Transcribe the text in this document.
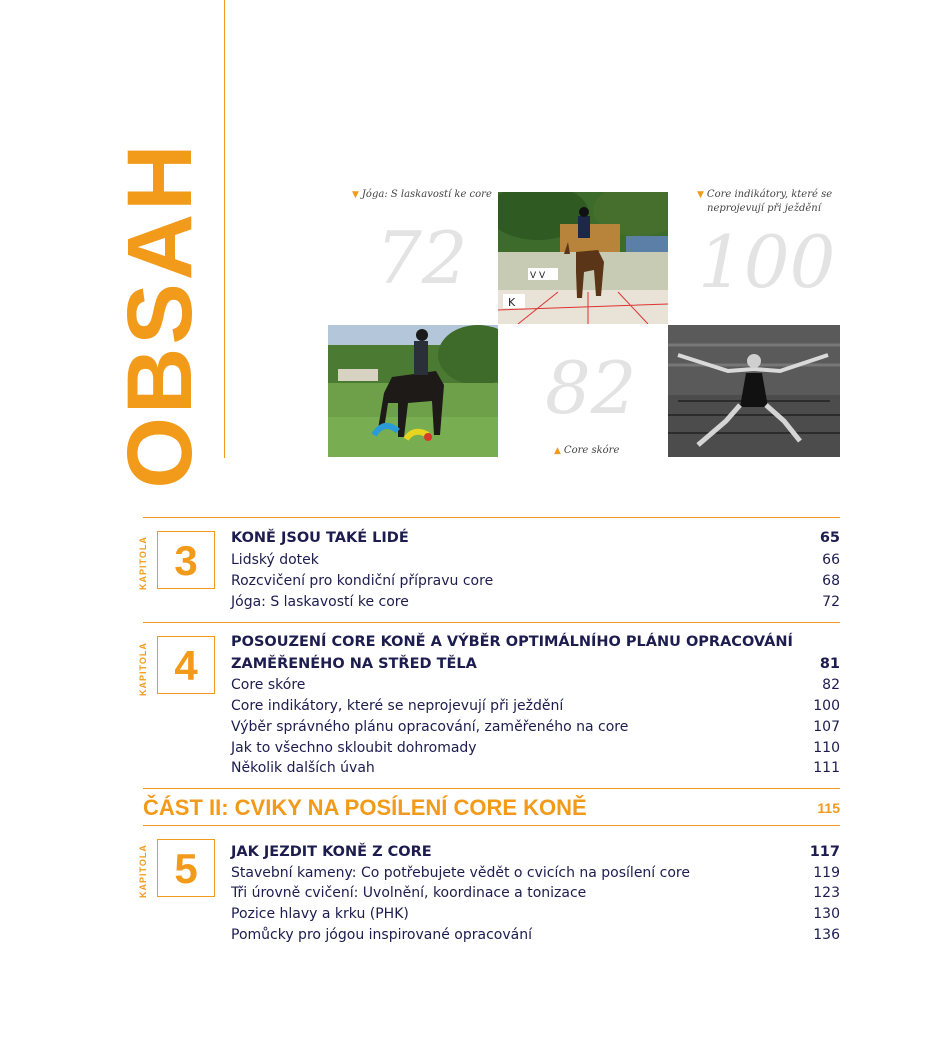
OBSAH	▼ Jóga: S laskavostí ke core
72	V V
K
▼ Core indikátory, které se
neprojevují při ježdění
100
82
▲ Core skóre
KAPITOLA 3	KONĚ JSOU TAKÉ LIDÉ	65
Lidský dotek	66
Rozcvičení pro kondiční přípravu core	68
Jóga: S laskavostí ke core	72
KAPITOLA 4	POSOUZENÍ CORE KONĚ A VÝBĚR OPTIMÁLNÍHO PLÁNU OPRACOVÁNÍ
ZAMĚŘENÉHO NA STŘED TĚLA	81
Core skóre	82
Core indikátory, které se neprojevují při ježdění	100
Výběr správného plánu opracování, zaměřeného na core	107
Jak to všechno skloubit dohromady	110
Několik dalších úvah	111
ČÁST II: CVIKY NA POSÍLENÍ CORE KONĚ	115
KAPITOLA 5	JAK JEZDIT KONĚ Z CORE	117
Stavební kameny: Co potřebujete vědět o cvicích na posílení core	119
Tři úrovně cvičení: Uvolnění, koordinace a tonizace	123
Pozice hlavy a krku (PHK)	130
Pomůcky pro jógou inspirované opracování	136
